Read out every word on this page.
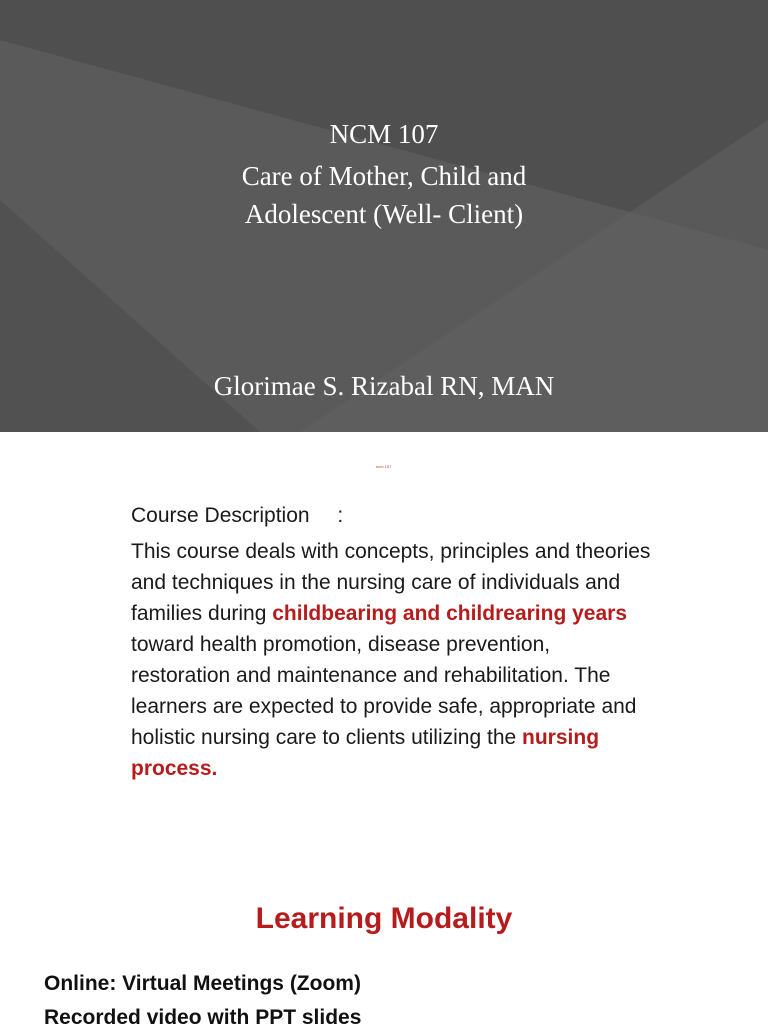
NCM 107
Care of Mother, Child and
Adolescent (Well- Client)
Glorimae S. Rizabal RN, MAN
ncm 107
Course Description :
This course deals with concepts, principles and theories and techniques in the nursing care of individuals and families during childbearing and childrearing years toward health promotion, disease prevention, restoration and maintenance and rehabilitation. The learners are expected to provide safe, appropriate and holistic nursing care to clients utilizing the nursing process.
Learning Modality
Online: Virtual Meetings (Zoom)
Recorded video with PPT slides
